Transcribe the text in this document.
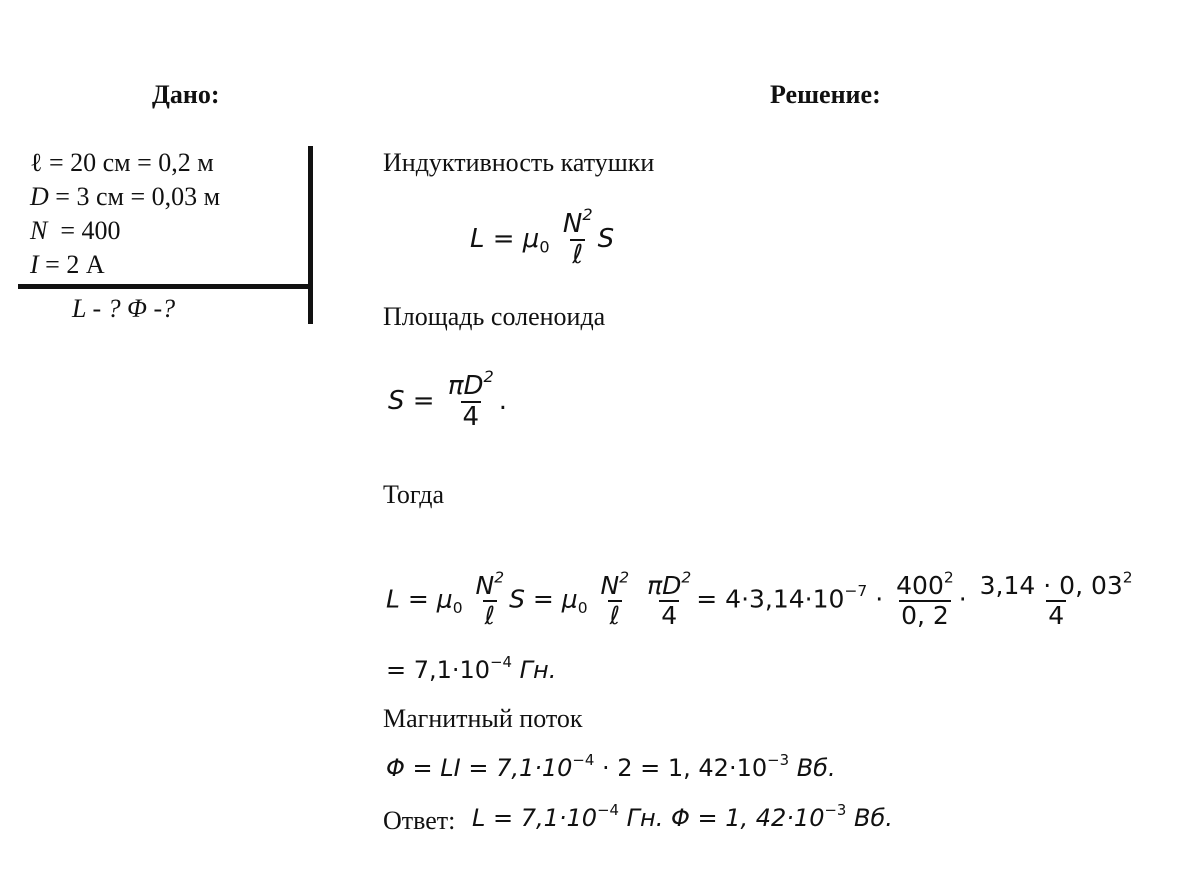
Дано:	Решение:
ℓ = 20 см = 0,2 м
D = 3 см = 0,03 м
N  = 400
I = 2 А
L - ? Φ -?
Индуктивность катушки
$L = \mu_0 \frac{N^2}{\text{ℓ}}$ S
Площадь соленоида
$S = \frac{\pi D^2}{4}$ .
Тогда
$L = \mu_0 \frac{N^2}{\text{ℓ}}$ $S = \mu_0 \frac{N^2}{\text{ℓ}}$
$\frac{\pi D^2}{4} = 4\cdot 3,14\cdot 10^{-7} \cdot \frac{400^2}{0, 2} \cdot \frac{3,14 \cdot 0, 03^2}{4}$
= $7,1\cdot 10^{-4}$ Гн.
Магнитный поток
Φ = LI = $7,1\cdot 10^{-4} \cdot 2 = 1$, $42\cdot 10^{-3}$ Вб.
Ответ: $L = 7,1\cdot 10^{-4}$ Гн. Φ = 1, $42\cdot 10^{-3}$ Вб.
